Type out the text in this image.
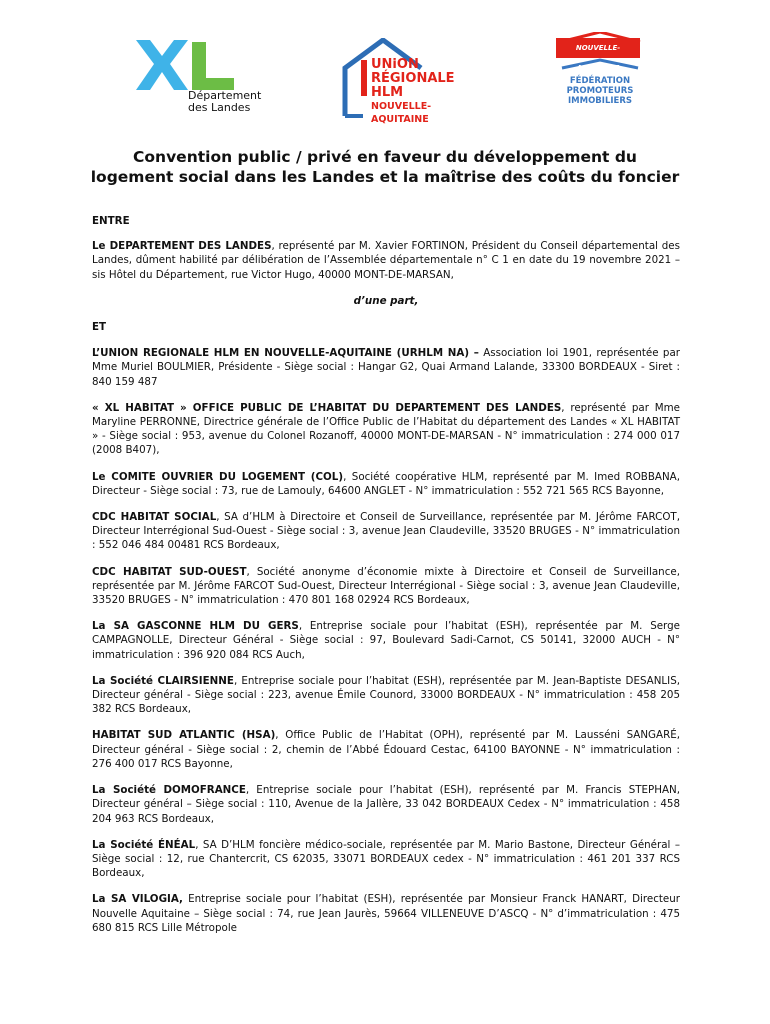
Département
des Landes
UNiON
RÉGIONALE HLM
NOUVELLE-AQUITAINE
NOUVELLE-AQUITAINE
FÉDÉRATION
PROMOTEURS
IMMOBILIERS
Convention public / privé en faveur du développement du
logement social dans les Landes et la maîtrise des coûts du foncier

ENTRE

Le DEPARTEMENT DES LANDES, représenté par M. Xavier FORTINON, Président du Conseil départemental des Landes, dûment habilité par délibération de l’Assemblée départementale n° C 1 en date du 19 novembre 2021 – sis Hôtel du Département, rue Victor Hugo, 40000 MONT-DE-MARSAN,

d’une part,

ET

L’UNION REGIONALE HLM EN NOUVELLE-AQUITAINE (URHLM NA) – Association loi 1901, représentée par Mme Muriel BOULMIER, Présidente - Siège social : Hangar G2, Quai Armand Lalande, 33300 BORDEAUX - Siret : 840 159 487

« XL HABITAT » OFFICE PUBLIC DE L’HABITAT DU DEPARTEMENT DES LANDES, représenté par Mme Maryline PERRONNE, Directrice générale de l’Office Public de l’Habitat du département des Landes « XL HABITAT » - Siège social : 953, avenue du Colonel Rozanoff, 40000 MONT-DE-MARSAN - N° immatriculation : 274 000 017 (2008 B407),

Le COMITE OUVRIER DU LOGEMENT (COL), Société coopérative HLM, représenté par M. Imed ROBBANA, Directeur - Siège social : 73, rue de Lamouly, 64600 ANGLET - N° immatriculation : 552 721 565 RCS Bayonne,

CDC HABITAT SOCIAL, SA d’HLM à Directoire et Conseil de Surveillance, représentée par M. Jérôme FARCOT, Directeur Interrégional Sud-Ouest - Siège social : 3, avenue Jean Claudeville, 33520 BRUGES - N° immatriculation : 552 046 484 00481 RCS Bordeaux,

CDC HABITAT SUD-OUEST, Société anonyme d’économie mixte à Directoire et Conseil de Surveillance, représentée par M. Jérôme FARCOT Sud-Ouest, Directeur Interrégional - Siège social : 3, avenue Jean Claudeville, 33520 BRUGES - N° immatriculation : 470 801 168 02924 RCS Bordeaux,

La SA GASCONNE HLM DU GERS, Entreprise sociale pour l’habitat (ESH), représentée par M. Serge CAMPAGNOLLE, Directeur Général - Siège social : 97, Boulevard Sadi-Carnot, CS 50141, 32000 AUCH - N° immatriculation : 396 920 084 RCS Auch,

La Société CLAIRSIENNE, Entreprise sociale pour l’habitat (ESH), représentée par M. Jean-Baptiste DESANLIS, Directeur général - Siège social : 223, avenue Émile Counord, 33000 BORDEAUX - N° immatriculation : 458 205 382 RCS Bordeaux,

HABITAT SUD ATLANTIC (HSA), Office Public de l’Habitat (OPH), représenté par M. Lausséni SANGARÉ, Directeur général - Siège social : 2, chemin de l’Abbé Édouard Cestac, 64100 BAYONNE - N° immatriculation : 276 400 017 RCS Bayonne,

La Société DOMOFRANCE, Entreprise sociale pour l’habitat (ESH), représenté par M. Francis STEPHAN, Directeur général – Siège social : 110, Avenue de la Jallère, 33 042 BORDEAUX Cedex - N° immatriculation : 458 204 963 RCS Bordeaux,

La Société ÉNÉAL, SA D’HLM foncière médico-sociale, représentée par M. Mario Bastone, Directeur Général – Siège social : 12, rue Chantercrit, CS 62035, 33071 BORDEAUX cedex - N° immatriculation : 461 201 337 RCS Bordeaux,

La SA VILOGIA, Entreprise sociale pour l’habitat (ESH), représentée par Monsieur Franck HANART, Directeur Nouvelle Aquitaine – Siège social : 74, rue Jean Jaurès, 59664 VILLENEUVE D’ASCQ - N° d’immatriculation : 475 680 815 RCS Lille Métropole
